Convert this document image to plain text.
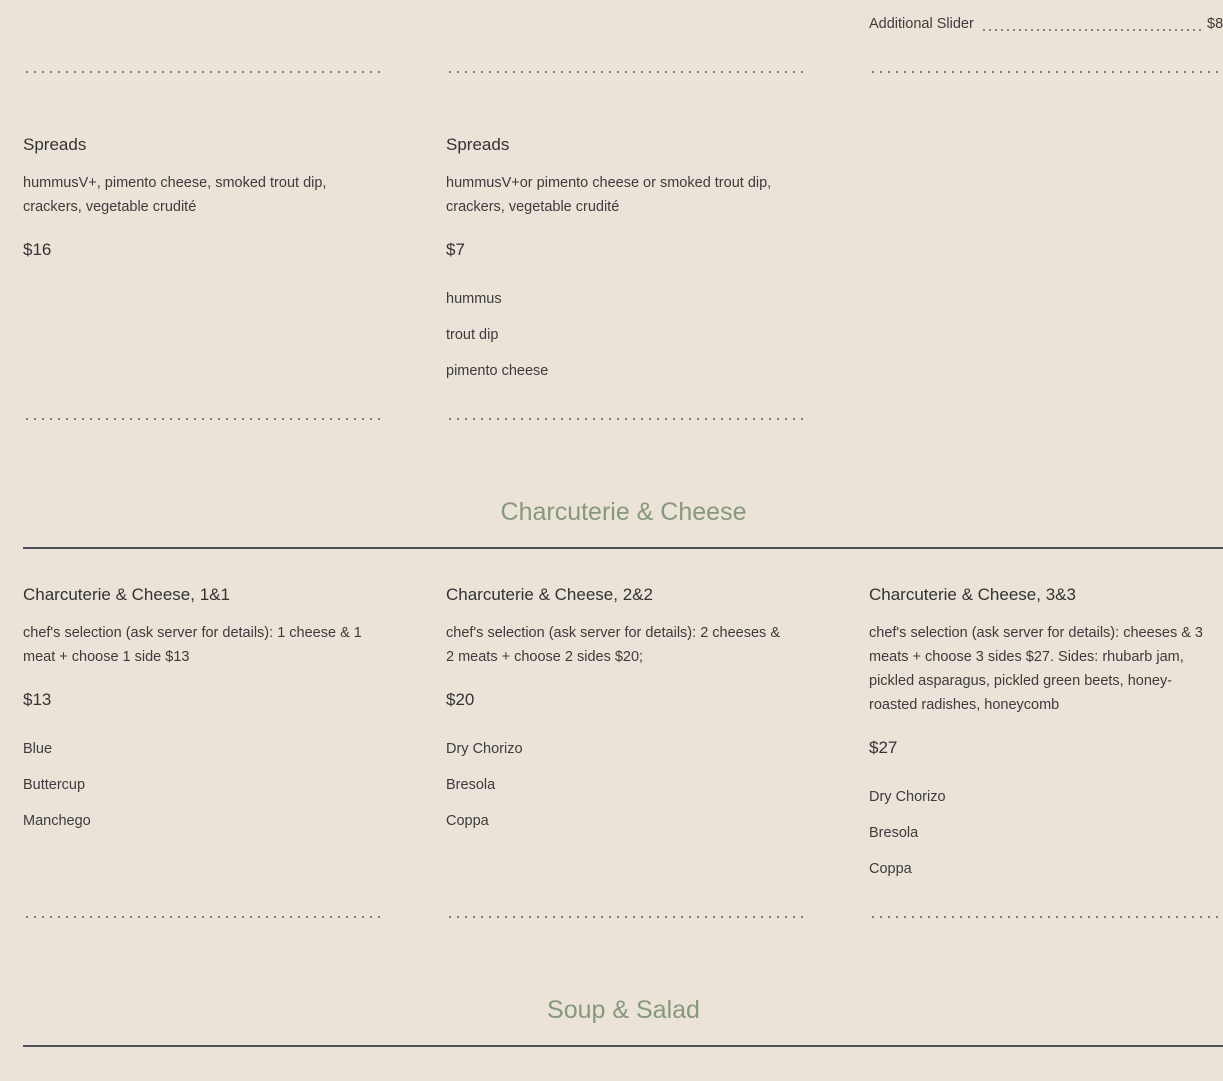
Additional Slider	$8
Spreads
hummusV+, pimento cheese, smoked trout dip, crackers, vegetable crudité
$16
Spreads
hummusV+or pimento cheese or smoked trout dip, crackers, vegetable crudité
$7
hummus
trout dip
pimento cheese
Charcuterie & Cheese
Charcuterie & Cheese, 1&1
chef's selection (ask server for details): 1 cheese & 1 meat + choose 1 side $13
$13
Blue
Buttercup
Manchego
Charcuterie & Cheese, 2&2
chef's selection (ask server for details): 2 cheeses & 2 meats + choose 2 sides $20;
$20
Dry Chorizo
Bresola
Coppa
Charcuterie & Cheese, 3&3
chef's selection (ask server for details): cheeses & 3 meats + choose 3 sides $27. Sides: rhubarb jam, pickled asparagus, pickled green beets, honey-roasted radishes, honeycomb
$27
Dry Chorizo
Bresola
Coppa
Soup & Salad
